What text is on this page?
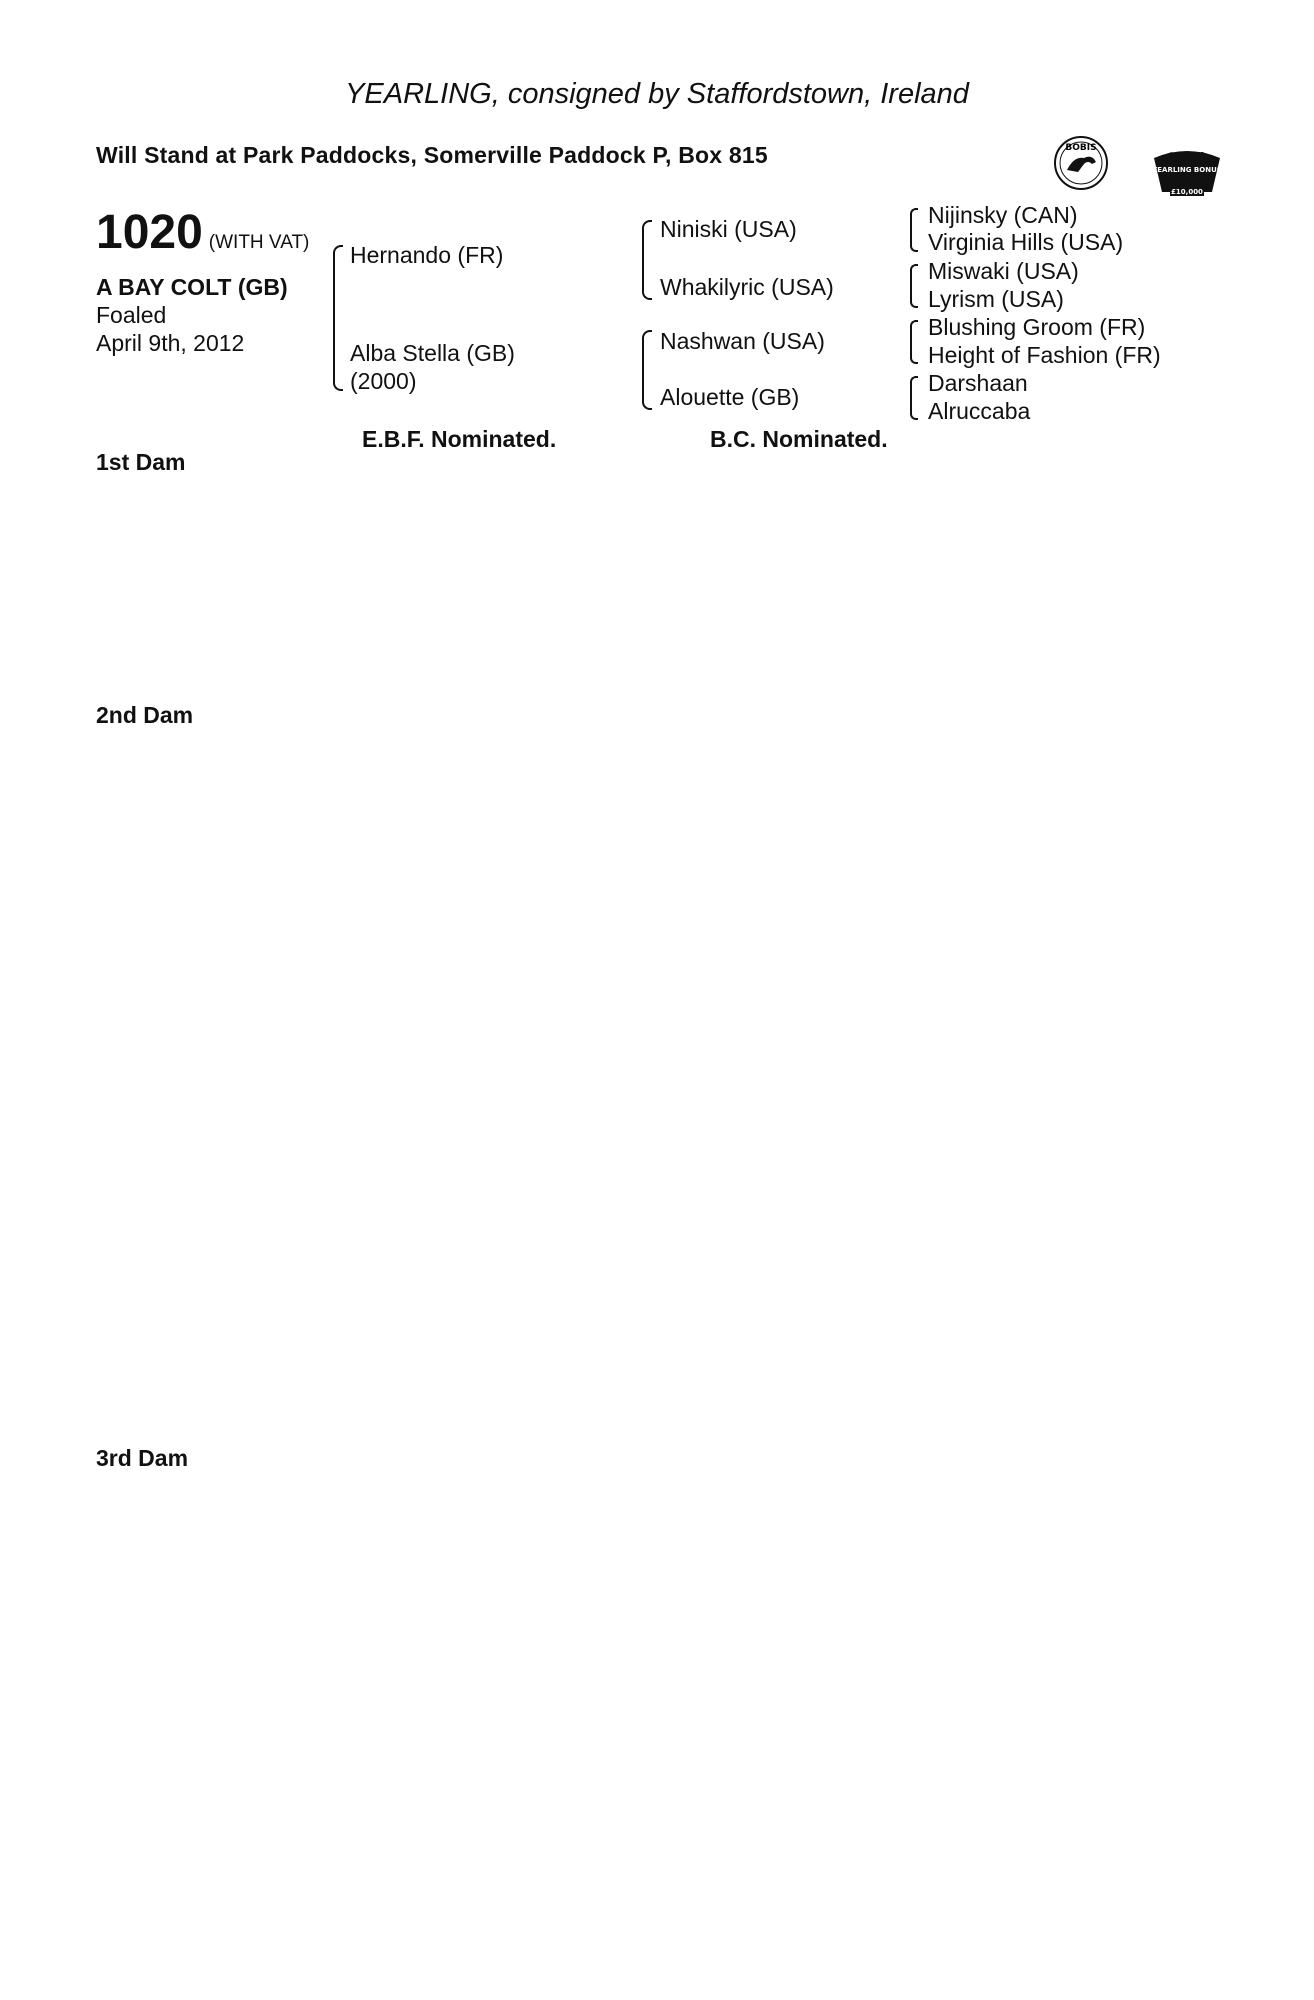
YEARLING, consigned by Staffordstown, Ireland
Will Stand at Park Paddocks, Somerville Paddock P, Box 815	BOBIS
RACING POST
YEARLING BONUS
£10,000
1020 (WITH VAT)
A BAY COLT (GB)
Foaled
April 9th, 2012
Hernando (FR)
Alba Stella (GB)
(2000)
Niniski (USA)
Whakilyric (USA)
Nashwan (USA)
Alouette (GB)
Nijinsky (CAN)
Virginia Hills (USA)
Miswaki (USA)
Lyrism (USA)
Blushing Groom (FR)
Height of Fashion (FR)
Darshaan
Alruccaba
E.B.F. Nominated.	B.C. Nominated.
1st Dam
2nd Dam
3rd Dam
